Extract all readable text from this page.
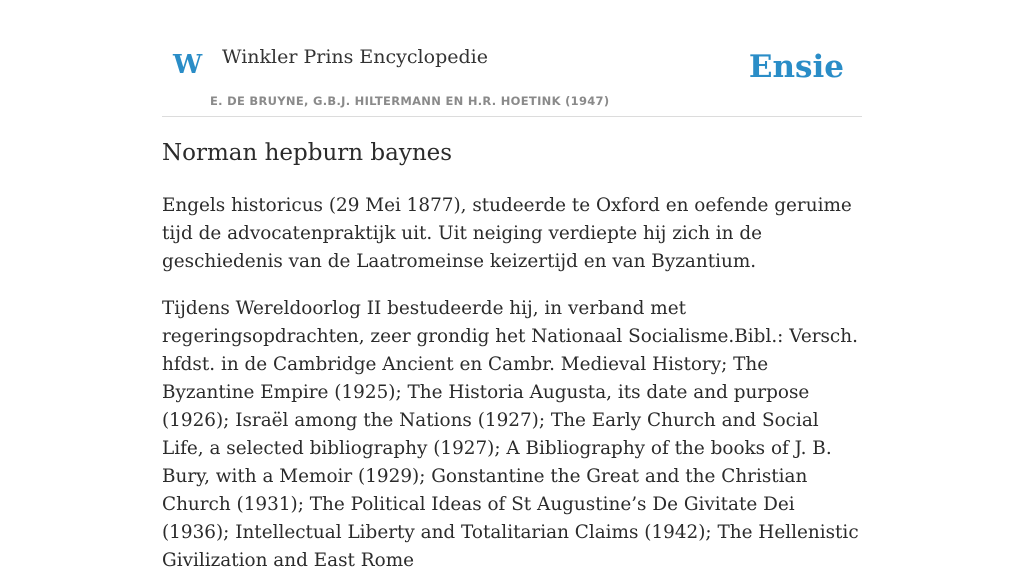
W Winkler Prins Encyclopedie
E. DE BRUYNE, G.B.J. HILTERMANN EN H.R. HOETINK (1947)
Ensie
Norman hepburn baynes

Engels historicus (29 Mei 1877), studeerde te Oxford en oefende geruime tijd de advocatenpraktijk uit. Uit neiging verdiepte hij zich in de geschiedenis van de Laatromeinse keizertijd en van Byzantium.

Tijdens Wereldoorlog II bestudeerde hij, in verband met regeringsopdrachten, zeer grondig het Nationaal Socialisme.Bibl.: Versch. hfdst. in de Cambridge Ancient en Cambr. Medieval History; The Byzantine Empire (1925); The Historia Augusta, its date and purpose (1926); Israël among the Nations (1927); The Early Church and Social Life, a selected bibliography (1927); A Bibliography of the books of J. B. Bury, with a Memoir (1929); Gonstantine the Great and the Christian Church (1931); The Political Ideas of St Augustine’s De Givitate Dei (1936); Intellectual Liberty and Totalitarian Claims (1942); The Hellenistic Givilization and East Rome
